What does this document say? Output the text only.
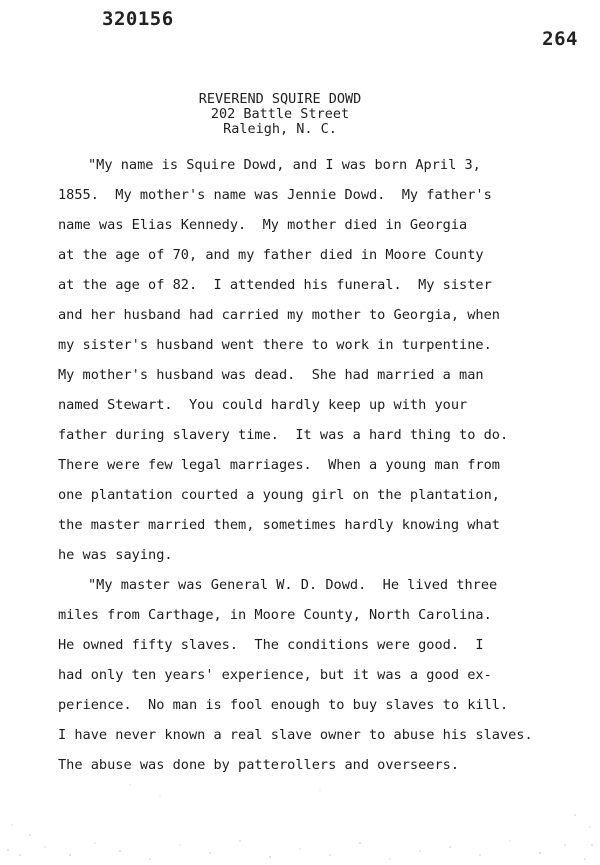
320156
264
REVEREND SQUIRE DOWD
202 Battle Street
Raleigh, N. C.
"My name is Squire Dowd, and I was born April 3,
1855.  My mother's name was Jennie Dowd.  My father's
name was Elias Kennedy.  My mother died in Georgia
at the age of 70, and my father died in Moore County
at the age of 82.  I attended his funeral.  My sister
and her husband had carried my mother to Georgia, when
my sister's husband went there to work in turpentine.
My mother's husband was dead.  She had married a man
named Stewart.  You could hardly keep up with your
father during slavery time.  It was a hard thing to do.
There were few legal marriages.  When a young man from
one plantation courted a young girl on the plantation,
the master married them, sometimes hardly knowing what
he was saying.
"My master was General W. D. Dowd.  He lived three
miles from Carthage, in Moore County, North Carolina.
He owned fifty slaves.  The conditions were good.  I
had only ten years' experience, but it was a good ex-
perience.  No man is fool enough to buy slaves to kill.
I have never known a real slave owner to abuse his slaves.
The abuse was done by patterollers and overseers.
